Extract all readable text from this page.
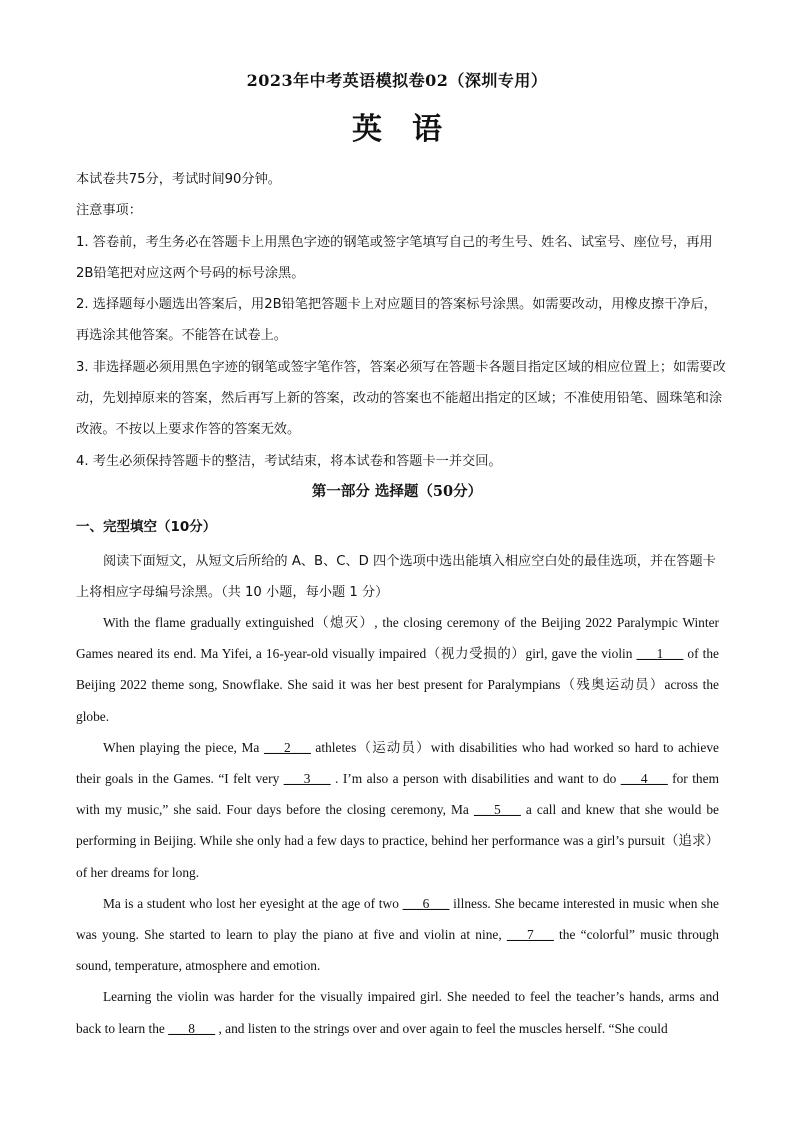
2023年中考英语模拟卷02（深圳专用）
英　语

本试卷共75分，考试时间90分钟。

注意事项：

1. 答卷前，考生务必在答题卡上用黑色字迹的钢笔或签字笔填写自己的考生号、姓名、试室号、座位号，再用2B铅笔把对应这两个号码的标号涂黑。

2. 选择题每小题选出答案后，用2B铅笔把答题卡上对应题目的答案标号涂黑。如需要改动，用橡皮擦干净后，再选涂其他答案。不能答在试卷上。

3. 非选择题必须用黑色字迹的钢笔或签字笔作答，答案必须写在答题卡各题目指定区域的相应位置上；如需要改动，先划掉原来的答案，然后再写上新的答案，改动的答案也不能超出指定的区域；不准使用铅笔、圆珠笔和涂改液。不按以上要求作答的答案无效。

4. 考生必须保持答题卡的整洁，考试结束，将本试卷和答题卡一并交回。

第一部分 选择题（50分）
一、完型填空（10分）

阅读下面短文，从短文后所给的 A、B、C、D 四个选项中选出能填入相应空白处的最佳选项，并在答题卡上将相应字母编号涂黑。（共 10 小题，每小题 1 分）

With the flame gradually extinguished（熄灭）, the closing ceremony of the Beijing 2022 Paralympic Winter Games neared its end. Ma Yifei, a 16-year-old visually impaired（视力受损的）girl, gave the violin ___1___ of the Beijing 2022 theme song, Snowflake. She said it was her best present for Paralympians（残奥运动员）across the globe.

When playing the piece, Ma ___2___ athletes（运动员）with disabilities who had worked so hard to achieve their goals in the Games. “I felt very ___3___ . I’m also a person with disabilities and want to do ___4___ for them with my music,” she said. Four days before the closing ceremony, Ma ___5___ a call and knew that she would be performing in Beijing. While she only had a few days to practice, behind her performance was a girl’s pursuit（追求）of her dreams for long.

Ma is a student who lost her eyesight at the age of two ___6___ illness. She became interested in music when she was young. She started to learn to play the piano at five and violin at nine, ___7___ the “colorful” music through sound, temperature, atmosphere and emotion.

Learning the violin was harder for the visually impaired girl. She needed to feel the teacher’s hands, arms and back to learn the ___8___ , and listen to the strings over and over again to feel the muscles herself. “She could
